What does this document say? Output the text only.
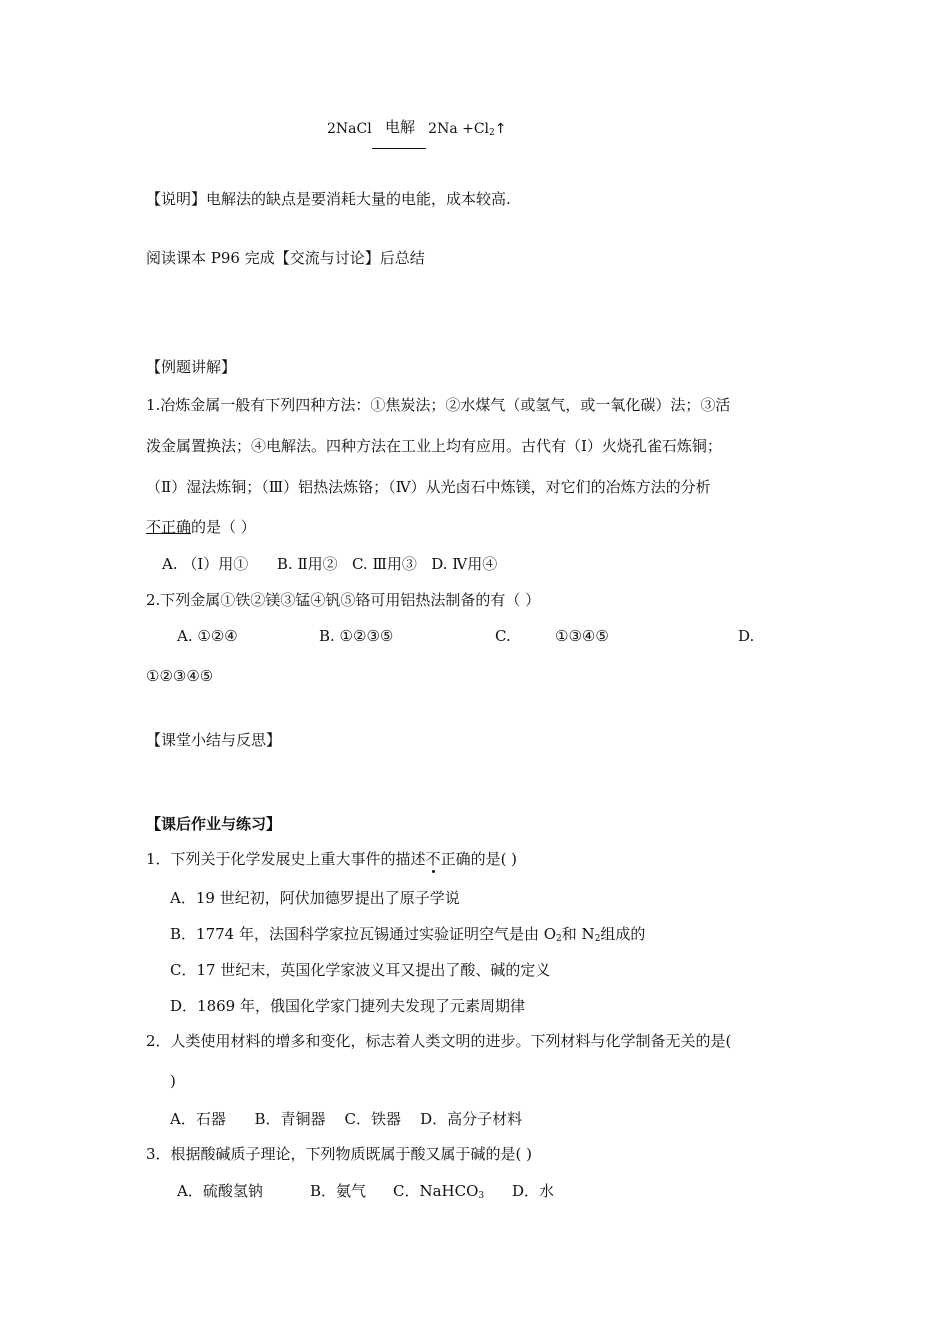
2NaCl 电解 $2Na +Cl_2↑$
【说明】电解法的缺点是要消耗大量的电能，成本较高.
阅读课本 P96 完成【交流与讨论】后总结
【例题讲解】
1.冶炼金属一般有下列四种方法：①焦炭法；②水煤气（或氢气，或一氧化碳）法；③活
泼金属置换法；④电解法。四种方法在工业上均有应用。古代有（Ⅰ）火烧孔雀石炼铜；
（Ⅱ）湿法炼铜；（Ⅲ）铝热法炼铬；（Ⅳ）从光卤石中炼镁，对它们的冶炼方法的分析
不正确的是（ ）
A. （Ⅰ）用①      B. Ⅱ用②   C. Ⅲ用③   D. Ⅳ用④
2.下列金属①铁②镁③锰④钒⑤铬可用铝热法制备的有（ ）
A. ①②④	B. ①②③⑤	C.	①③④⑤	D.
①②③④⑤
【课堂小结与反思】
【课后作业与练习】
1．下列关于化学发展史上重大事件的描述不正确的是( )
A．19 世纪初，阿伏加德罗提出了原子学说
B．1774 年，法国科学家拉瓦锡通过实验证明空气是由 $O_2$和 $N_2$组成的
C．17 世纪末，英国化学家波义耳又提出了酸、碱的定义
D．1869 年，俄国化学家门捷列夫发现了元素周期律
2．人类使用材料的增多和变化，标志着人类文明的进步。下列材料与化学制备无关的是(
)
A．石器      B．青铜器    C．铁器    D．高分子材料
3．根据酸碱质子理论，下列物质既属于酸又属于碱的是( )
A．硫酸氢钠	B．氨气 C．NaHCO$_3$ D．水
